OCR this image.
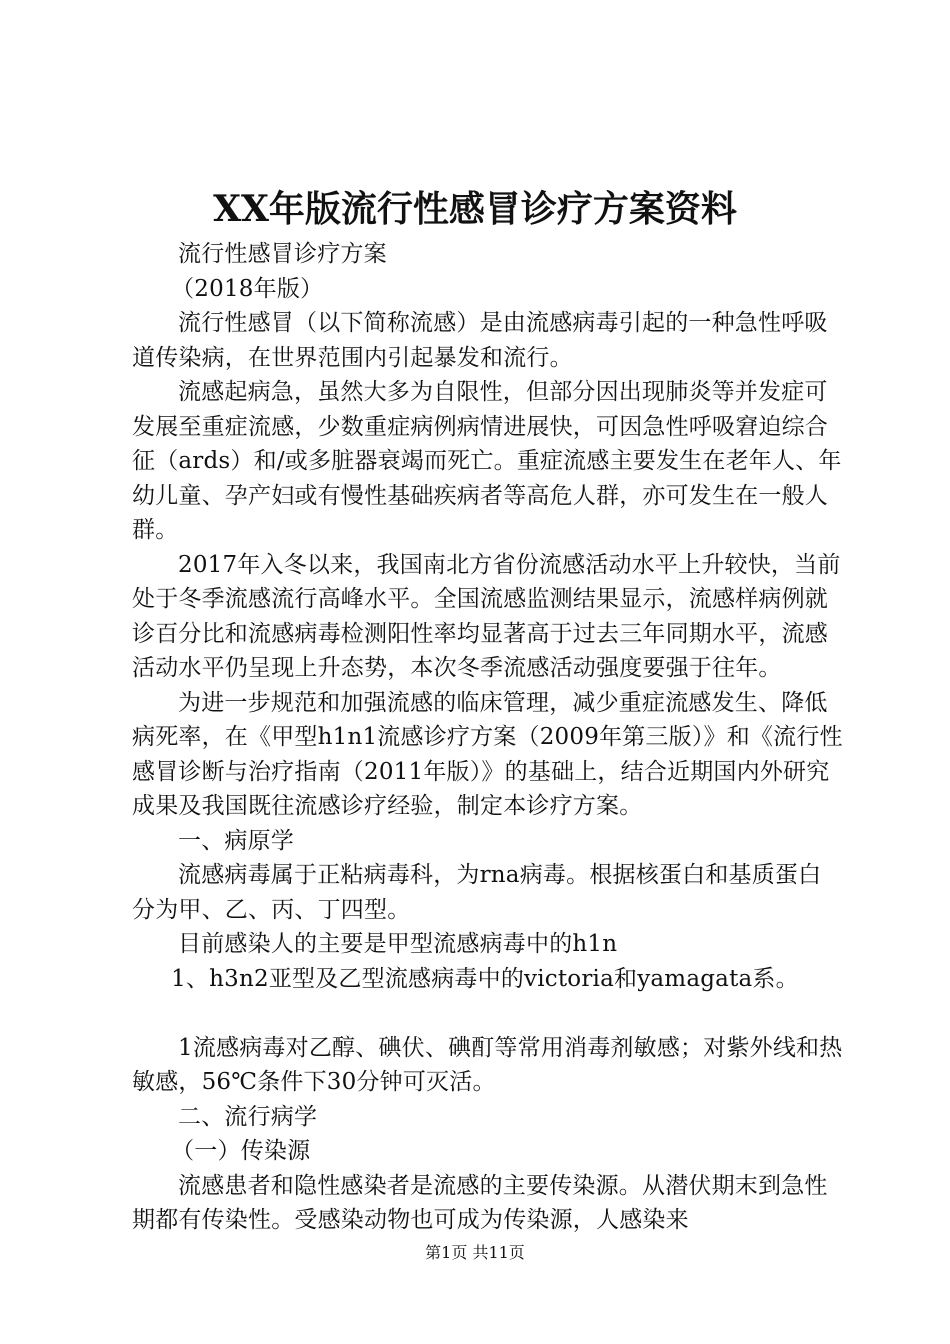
XX年版流行性感冒诊疗方案资料

流行性感冒诊疗方案

（2018年版）

流行性感冒（以下简称流感）是由流感病毒引起的一种急性呼吸道传染病，在世界范围内引起暴发和流行。

流感起病急，虽然大多为自限性，但部分因出现肺炎等并发症可发展至重症流感，少数重症病例病情进展快，可因急性呼吸窘迫综合征（ards）和/或多脏器衰竭而死亡。重症流感主要发生在老年人、年幼儿童、孕产妇或有慢性基础疾病者等高危人群，亦可发生在一般人群。

2017年入冬以来，我国南北方省份流感活动水平上升较快，当前处于冬季流感流行高峰水平。全国流感监测结果显示，流感样病例就诊百分比和流感病毒检测阳性率均显著高于过去三年同期水平，流感活动水平仍呈现上升态势，本次冬季流感活动强度要强于往年。

为进一步规范和加强流感的临床管理，减少重症流感发生、降低病死率，在《甲型h1n1流感诊疗方案（2009年第三版）》和《流行性感冒诊断与治疗指南（2011年版）》的基础上，结合近期国内外研究成果及我国既往流感诊疗经验，制定本诊疗方案。

一、病原学

流感病毒属于正粘病毒科，为rna病毒。根据核蛋白和基质蛋白分为甲、乙、丙、丁四型。

目前感染人的主要是甲型流感病毒中的h1n

1、h3n2亚型及乙型流感病毒中的victoria和yamagata系。

1流感病毒对乙醇、碘伏、碘酊等常用消毒剂敏感；对紫外线和热敏感，56℃条件下30分钟可灭活。

二、流行病学

（一）传染源

流感患者和隐性感染者是流感的主要传染源。从潜伏期末到急性期都有传染性。受感染动物也可成为传染源，人感染来

第1页 共11页
